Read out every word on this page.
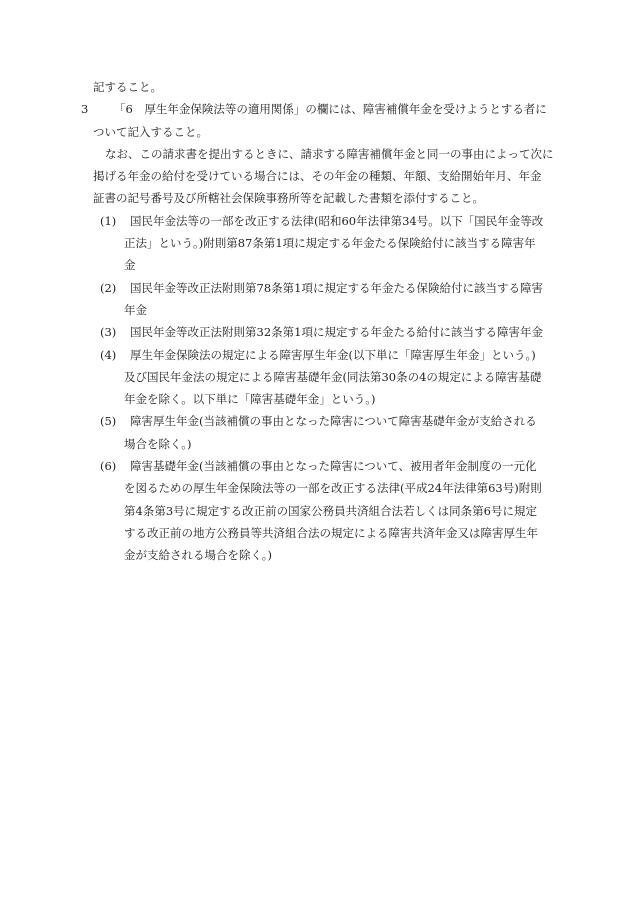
記すること。
3 「6　厚生年金保険法等の適用関係」の欄には、障害補償年金を受けようとする者に
ついて記入すること。
なお、この請求書を提出するときに、請求する障害補償年金と同一の事由によって次に
掲げる年金の給付を受けている場合には、その年金の種類、年額、支給開始年月、年金
証書の記号番号及び所轄社会保険事務所等を記載した書類を添付すること。
(1) 国民年金法等の一部を改正する法律(昭和60年法律第34号。以下「国民年金等改
正法」という。)附則第87条第1項に規定する年金たる保険給付に該当する障害年
金
(2) 国民年金等改正法附則第78条第1項に規定する年金たる保険給付に該当する障害
年金
(3) 国民年金等改正法附則第32条第1項に規定する年金たる給付に該当する障害年金
(4) 厚生年金保険法の規定による障害厚生年金(以下単に「障害厚生年金」という。)
及び国民年金法の規定による障害基礎年金(同法第30条の4の規定による障害基礎
年金を除く。以下単に「障害基礎年金」という。)
(5) 障害厚生年金(当該補償の事由となった障害について障害基礎年金が支給される
場合を除く。)
(6) 障害基礎年金(当該補償の事由となった障害について、被用者年金制度の一元化
を図るための厚生年金保険法等の一部を改正する法律(平成24年法律第63号)附則
第4条第3号に規定する改正前の国家公務員共済組合法若しくは同条第6号に規定
する改正前の地方公務員等共済組合法の規定による障害共済年金又は障害厚生年
金が支給される場合を除く。)
